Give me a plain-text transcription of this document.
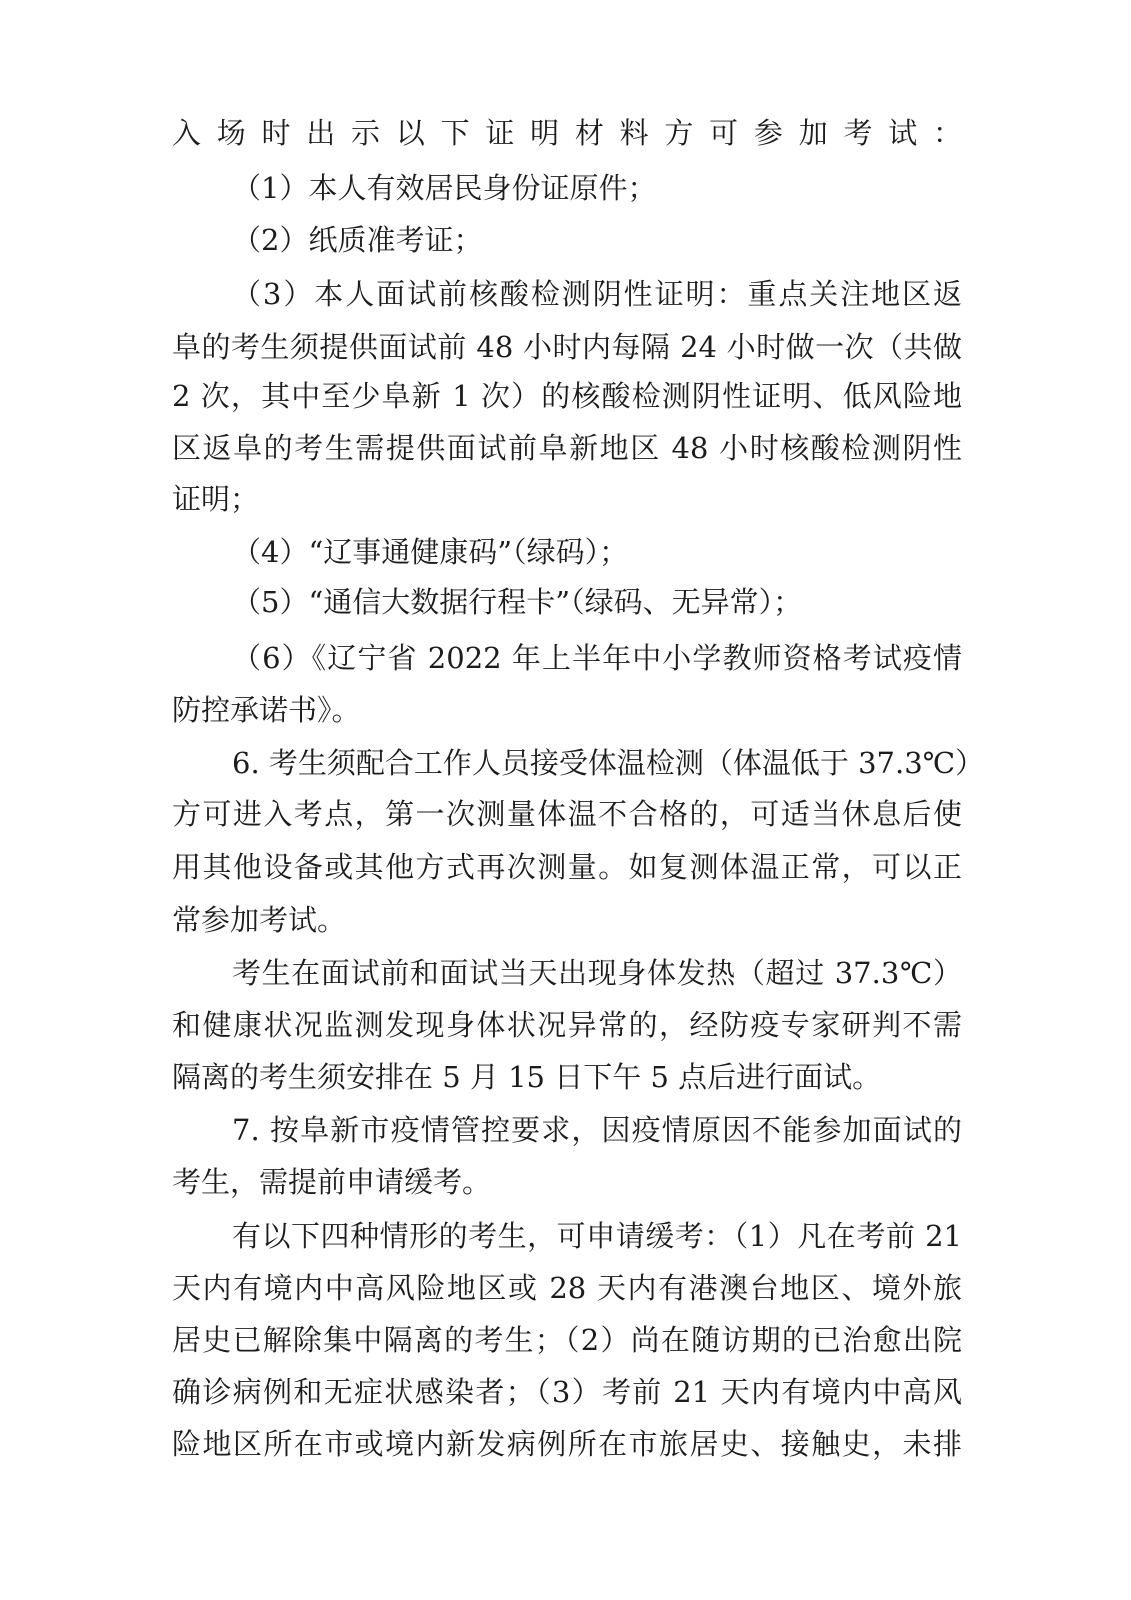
入场时出示以下证明材料方可参加考试：
（1）本人有效居民身份证原件；
（2）纸质准考证；
（3）本人面试前核酸检测阴性证明：重点关注地区返
阜的考生须提供面试前 48 小时内每隔 24 小时做一次（共做
2 次，其中至少阜新 1 次）的核酸检测阴性证明、低风险地
区返阜的考生需提供面试前阜新地区 48 小时核酸检测阴性
证明；
（4）“辽事通健康码”（绿码）；
（5）“通信大数据行程卡”（绿码、无异常）；
（6）《辽宁省 2022 年上半年中小学教师资格考试疫情
防控承诺书》。
6. 考生须配合工作人员接受体温检测（体温低于 37.3℃）
方可进入考点，第一次测量体温不合格的，可适当休息后使
用其他设备或其他方式再次测量。如复测体温正常，可以正
常参加考试。
考生在面试前和面试当天出现身体发热（超过 37.3℃）
和健康状况监测发现身体状况异常的，经防疫专家研判不需
隔离的考生须安排在 5 月 15 日下午 5 点后进行面试。
7. 按阜新市疫情管控要求，因疫情原因不能参加面试的
考生，需提前申请缓考。
有以下四种情形的考生，可申请缓考：（1）凡在考前 21
天内有境内中高风险地区或 28 天内有港澳台地区、境外旅
居史已解除集中隔离的考生；（2）尚在随访期的已治愈出院
确诊病例和无症状感染者；（3）考前 21 天内有境内中高风
险地区所在市或境内新发病例所在市旅居史、接触史，未排
